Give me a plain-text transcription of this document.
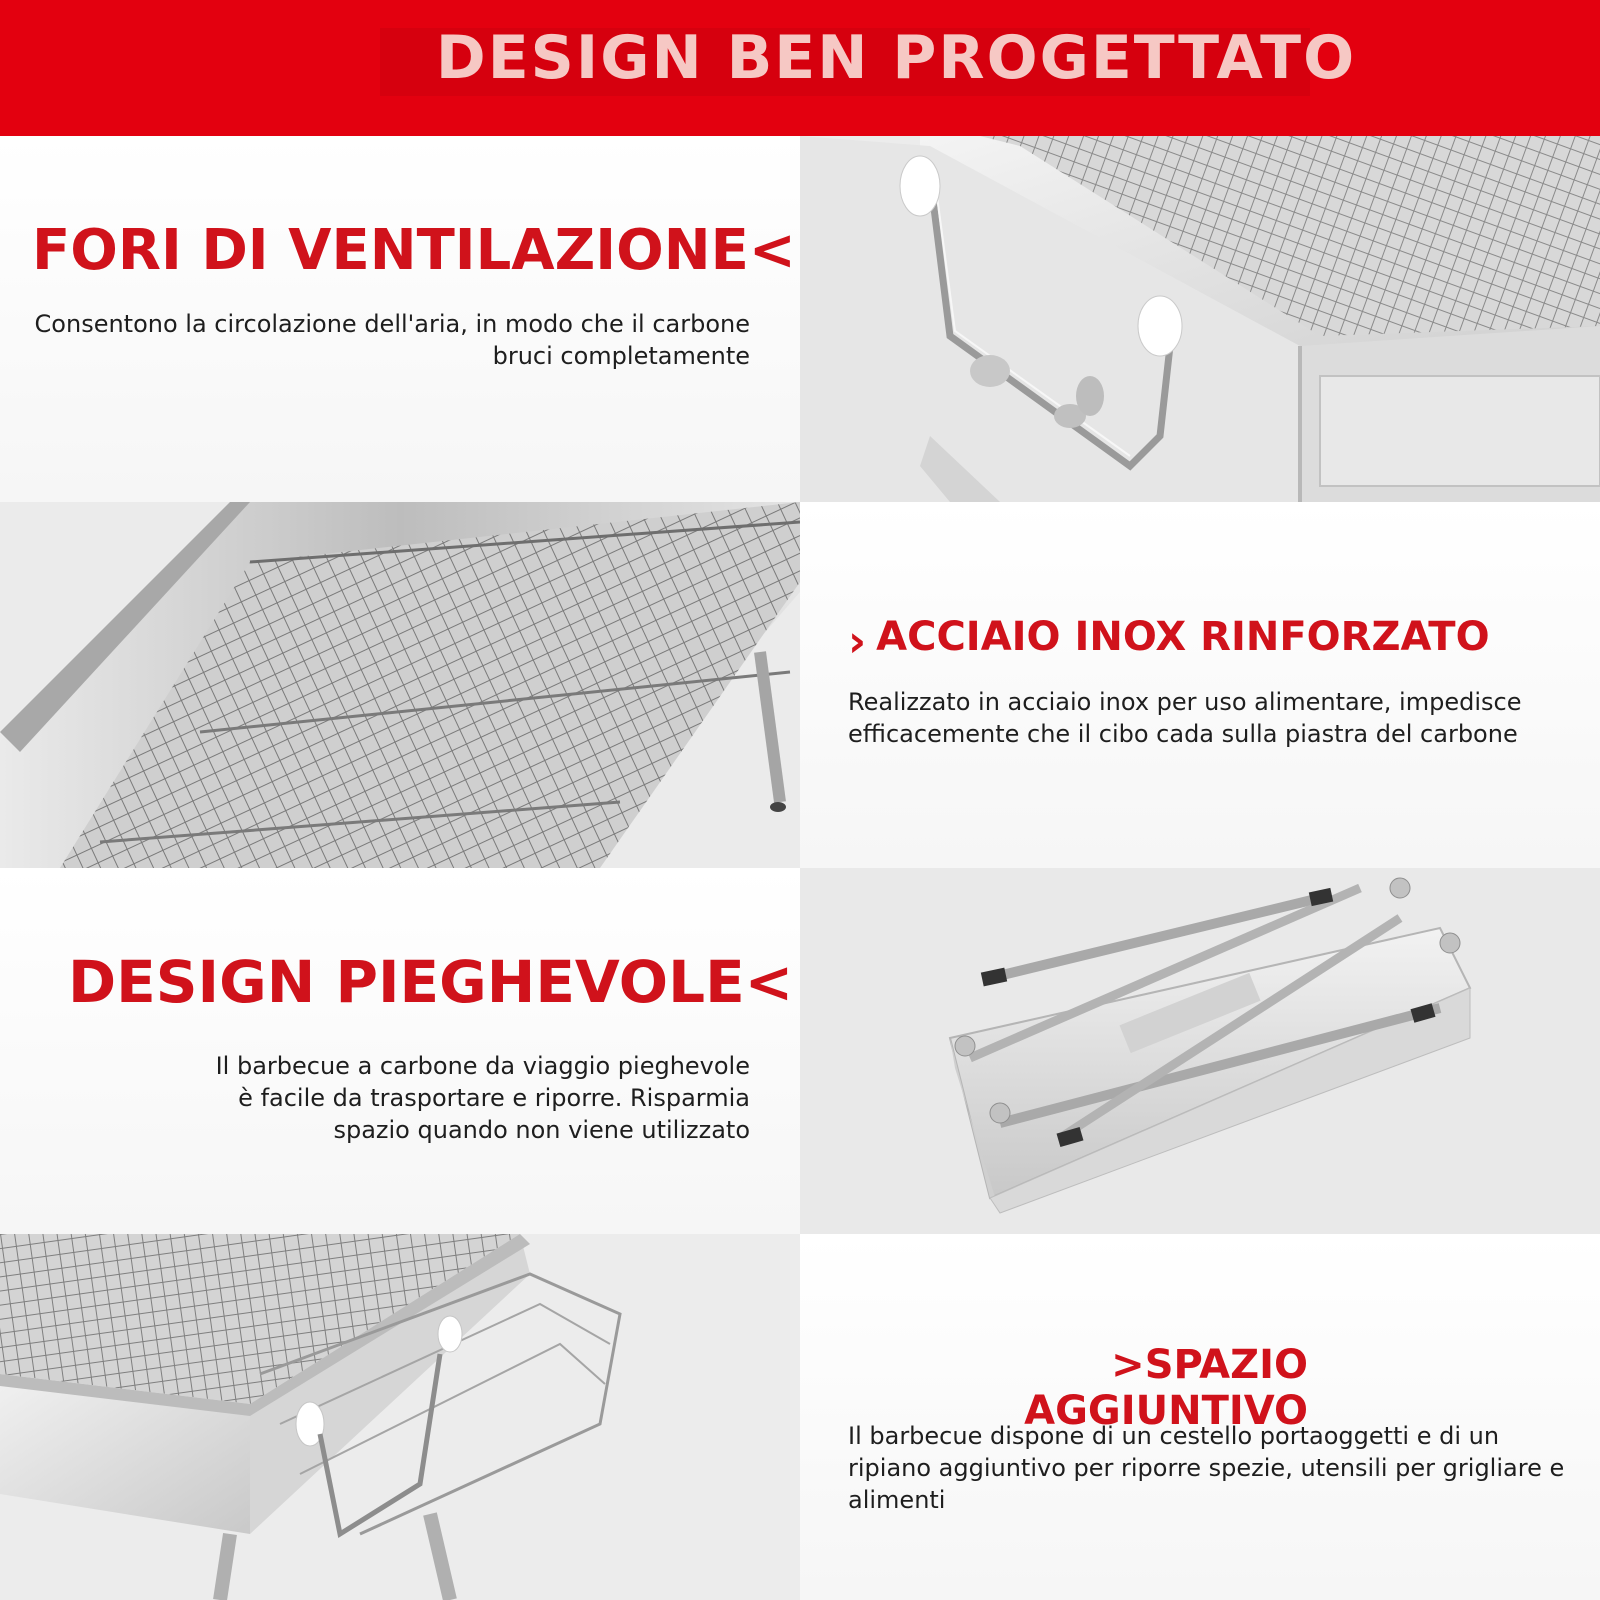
DESIGN BEN PROGETTATO
FORI DI VENTILAZIONE<
Consentono la circolazione dell'aria, in modo che il carbone
bruci completamente
› ACCIAIO INOX RINFORZATO
Realizzato in acciaio inox per uso alimentare, impedisce
efficacemente che il cibo cada sulla piastra del carbone
DESIGN PIEGHEVOLE<
Il barbecue a carbone da viaggio pieghevole
è facile da trasportare e riporre. Risparmia
spazio quando non viene utilizzato
>SPAZIO
AGGIUNTIVO
Il barbecue dispone di un cestello portaoggetti e di un
ripiano aggiuntivo per riporre spezie, utensili per grigliare e
alimenti
